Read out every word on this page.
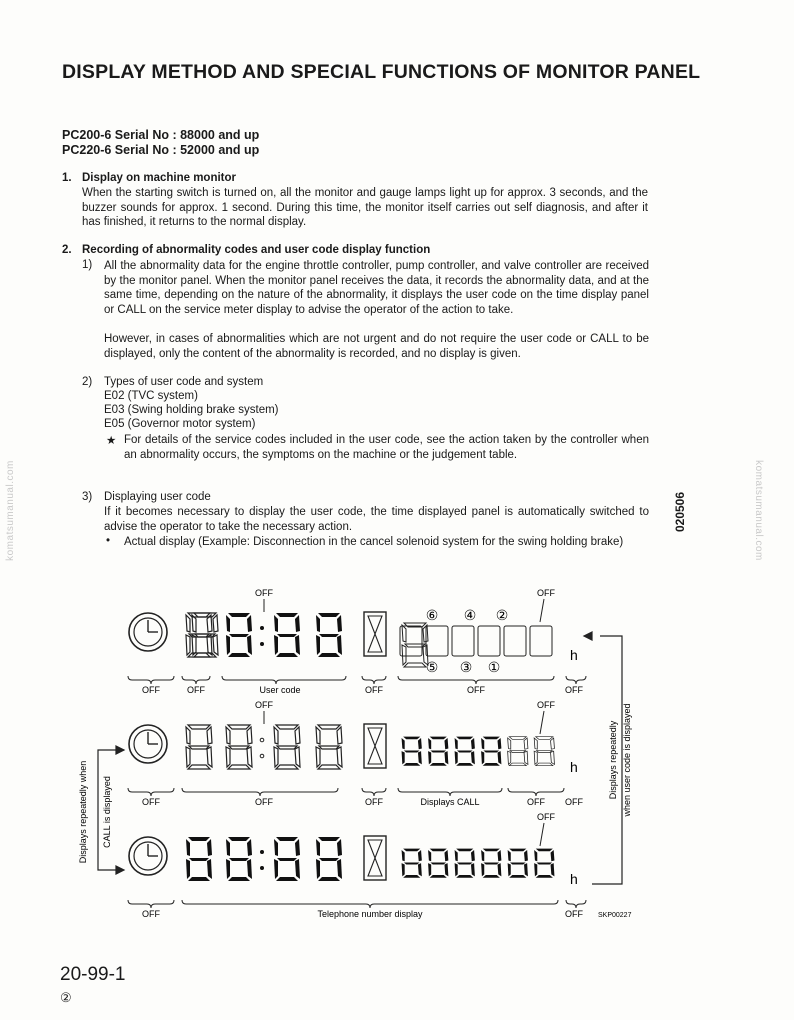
DISPLAY METHOD AND SPECIAL FUNCTIONS OF MONITOR PANEL
PC200-6 Serial No : 88000 and up
PC220-6 Serial No : 52000 and up
1. Display on machine monitor
When the starting switch is turned on, all the monitor and gauge lamps light up for approx. 3 seconds, and the buzzer sounds for approx. 1 second. During this time, the monitor itself carries out self diagnosis, and after it has finished, it returns to the normal display.
2. Recording of abnormality codes and user code display function
1) All the abnormality data for the engine throttle controller, pump controller, and valve controller are received by the monitor panel. When the monitor panel receives the data, it records the abnormality data, and at the same time, depending on the nature of the abnormality, it displays the user code on the time display panel or CALL on the service meter display to advise the operator of the action to take.
However, in cases of abnormalities which are not urgent and do not require the user code or CALL to be displayed, only the content of the abnormality is recorded, and no display is given.
2) Types of user code and system
E02 (TVC system)
E03 (Swing holding brake system)
E05 (Governor motor system)
★ For details of the service codes included in the user code, see the action taken by the controller when an abnormality occurs, the symptoms on the machine or the judgement table.
3) Displaying user code
If it becomes necessary to display the user code, the time displayed panel is automatically switched to advise the operator to take the necessary action.
• Actual display (Example: Disconnection in the cancel solenoid system for the swing holding brake)
komatsumanual.com	komatsumanual.com
020506
h
OFF	OFF
⑥ ④ ②
⑤ ③ ①
OFF	OFF	User code	OFF	OFF	OFF
h
OFF	OFF
OFF	OFF	OFF	Displays CALL	OFF OFF
h
OFF
OFF	Telephone number display	OFF SKP00227
Displays repeatedly when user code is displayed
Displays repeatedly when CALL is displayed
20-99-1
②
